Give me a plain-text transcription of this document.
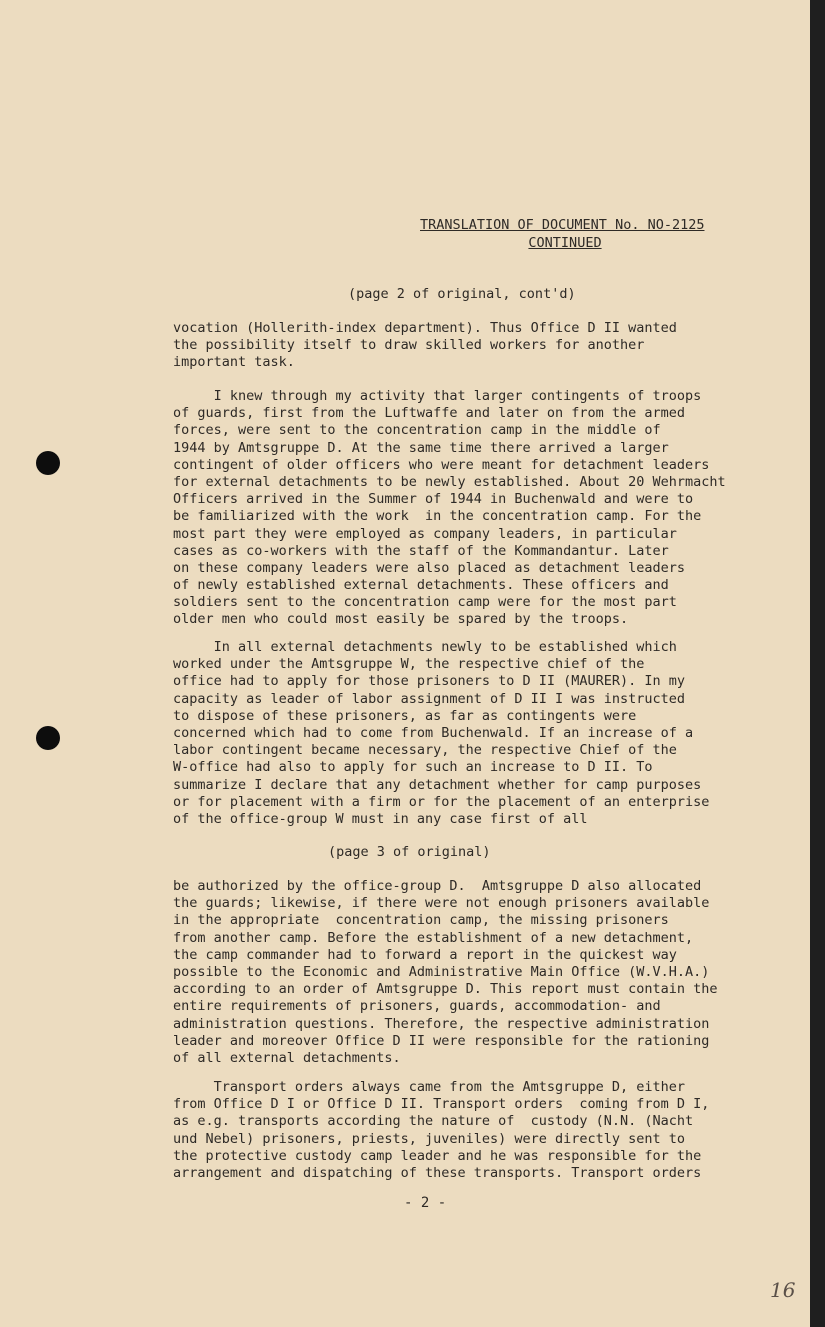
TRANSLATION OF DOCUMENT No. NO-2125
CONTINUED
(page 2 of original, cont'd)
vocation (Hollerith-index department). Thus Office D II wanted
the possibility itself to draw skilled workers for another
important task.
I knew through my activity that larger contingents of troops
of guards, first from the Luftwaffe and later on from the armed
forces, were sent to the concentration camp in the middle of
1944 by Amtsgruppe D. At the same time there arrived a larger
contingent of older officers who were meant for detachment leaders
for external detachments to be newly established. About 20 Wehrmacht
Officers arrived in the Summer of 1944 in Buchenwald and were to
be familiarized with the work  in the concentration camp. For the
most part they were employed as company leaders, in particular
cases as co-workers with the staff of the Kommandantur. Later
on these company leaders were also placed as detachment leaders
of newly established external detachments. These officers and
soldiers sent to the concentration camp were for the most part
older men who could most easily be spared by the troops.
In all external detachments newly to be established which
worked under the Amtsgruppe W, the respective chief of the
office had to apply for those prisoners to D II (MAURER). In my
capacity as leader of labor assignment of D II I was instructed
to dispose of these prisoners, as far as contingents were
concerned which had to come from Buchenwald. If an increase of a
labor contingent became necessary, the respective Chief of the
W-office had also to apply for such an increase to D II. To
summarize I declare that any detachment whether for camp purposes
or for placement with a firm or for the placement of an enterprise
of the office-group W must in any case first of all
(page 3 of original)
be authorized by the office-group D.  Amtsgruppe D also allocated
the guards; likewise, if there were not enough prisoners available
in the appropriate  concentration camp, the missing prisoners
from another camp. Before the establishment of a new detachment,
the camp commander had to forward a report in the quickest way
possible to the Economic and Administrative Main Office (W.V.H.A.)
according to an order of Amtsgruppe D. This report must contain the
entire requirements of prisoners, guards, accommodation- and
administration questions. Therefore, the respective administration
leader and moreover Office D II were responsible for the rationing
of all external detachments.
Transport orders always came from the Amtsgruppe D, either
from Office D I or Office D II. Transport orders  coming from D I,
as e.g. transports according the nature of  custody (N.N. (Nacht
und Nebel) prisoners, priests, juveniles) were directly sent to
the protective custody camp leader and he was responsible for the
arrangement and dispatching of these transports. Transport orders
- 2 -
16
